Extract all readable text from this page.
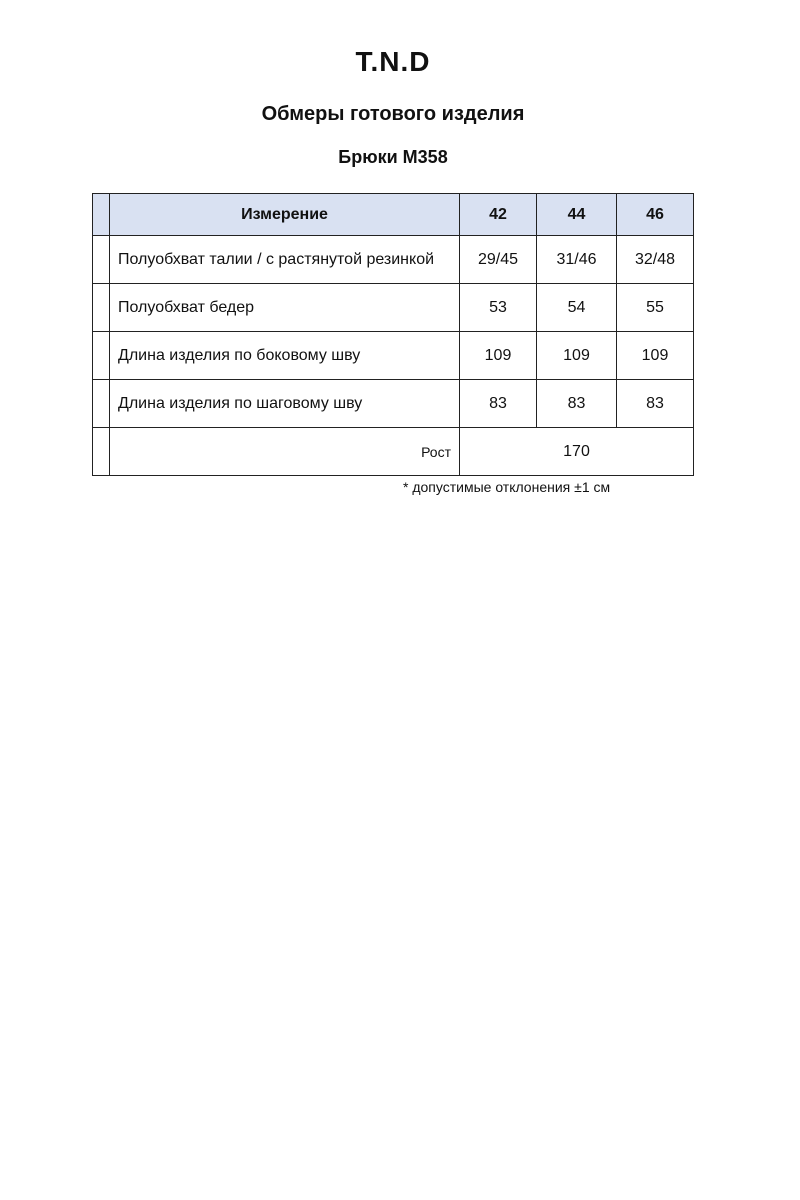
T.N.D
Обмеры готового изделия
Брюки М358
	Измерение	42	44	46
	Полуобхват талии / с растянутой резинкой	29/45	31/46	32/48
	Полуобхват бедер	53	54	55
	Длина изделия по боковому шву	109	109	109
	Длина изделия по шаговому шву	83	83	83
	Рост	170		
* допустимые отклонения ±1 см
